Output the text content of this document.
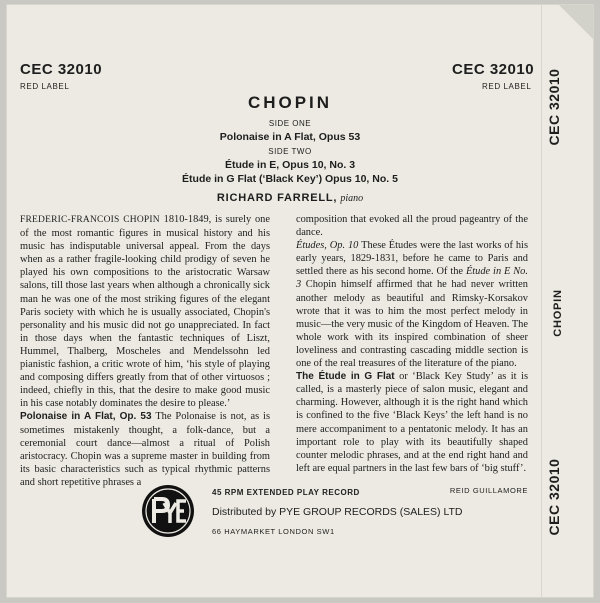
CEC 32010
RED LABEL
CEC 32010
RED LABEL
CHOPIN
SIDE ONE
Polonaise in A Flat, Opus 53
SIDE TWO
Étude in E, Opus 10, No. 3
Étude in G Flat (‘Black Key’) Opus 10, No. 5
RICHARD FARRELL, piano

FREDERIC-FRANCOIS CHOPIN 1810-1849, is surely one of the most romantic figures in musical history and his music has indisputable universal appeal. From the days when as a rather fragile-looking child prodigy of seven he played his own compositions to the aristocratic Warsaw salons, till those last years when although a chronically sick man he was one of the most striking figures of the elegant Paris society with which he is usually associated, Chopin's personality and his music did not go unappreciated. In fact in those days when the fantastic techniques of Liszt, Hummel, Thalberg, Moscheles and Mendelssohn led pianistic fashion, a critic wrote of him, ‘his style of playing and composing differs greatly from that of other virtuosos ; indeed, chiefly in this, that the desire to make good music in his case notably dominates the desire to please.’

Polonaise in A Flat, Op. 53 The Polonaise is not, as is sometimes mistakenly thought, a folk-dance, but a ceremonial court dance—almost a ritual of Polish aristocracy. Chopin was a supreme master in building from its basic characteristics such as typical rhythmic patterns and short repetitive phrases a

composition that evoked all the proud pageantry of the dance.

Études, Op. 10 These Études were the last works of his early years, 1829-1831, before he came to Paris and settled there as his second home. Of the Étude in E No. 3 Chopin himself affirmed that he had never written another melody as beautiful and Rimsky-Korsakov wrote that it was to him the most perfect melody in music—the very music of the Kingdom of Heaven. The whole work with its inspired combination of sheer loveliness and contrasting cascading middle section is one of the real treasures of the literature of the piano.

The Étude in G Flat or ‘Black Key Study’ as it is called, is a masterly piece of salon music, elegant and charming. However, although it is the right hand which is confined to the five ‘Black Keys’ the left hand is no mere accompaniment to a pentatonic melody. It has an important role to play with its beautifully shaped counter melodic phrases, and at the end right hand and left are equal partners in the last few bars of ‘big stuff’.

REID GUILLAMORE

45 RPM EXTENDED PLAY RECORD
Distributed by PYE GROUP RECORDS (SALES) LTD
66 HAYMARKET LONDON SW1
CHOPIN
CEC 32010
CEC 32010
